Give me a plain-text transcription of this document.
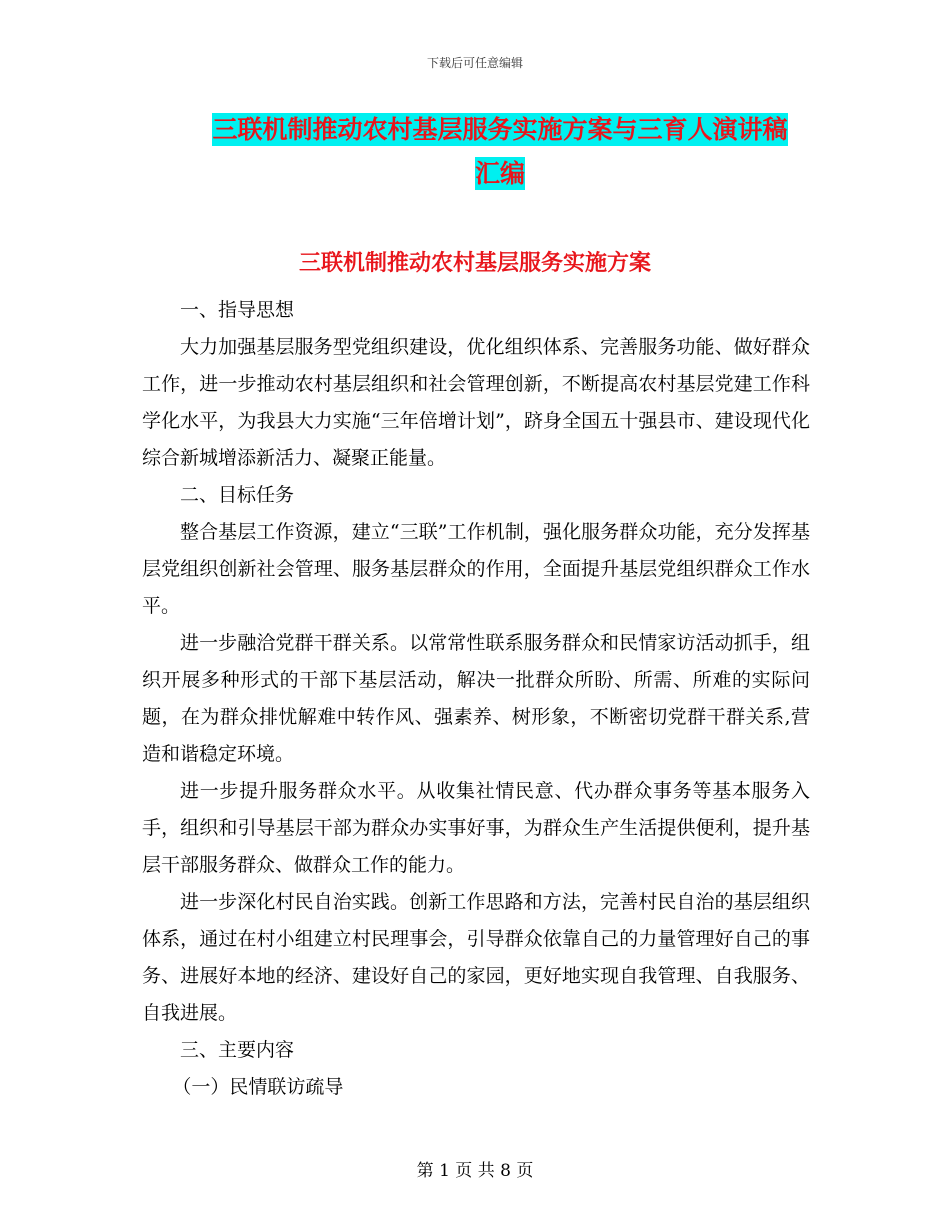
下载后可任意编辑
三联机制推动农村基层服务实施方案与三育人演讲稿
汇编
三联机制推动农村基层服务实施方案

一、指导思想

大力加强基层服务型党组织建设，优化组织体系、完善服务功能、做好群众工作，进一步推动农村基层组织和社会管理创新，不断提高农村基层党建工作科学化水平，为我县大力实施“三年倍增计划”，跻身全国五十强县市、建设现代化综合新城增添新活力、凝聚正能量。

二、目标任务

整合基层工作资源，建立“三联”工作机制，强化服务群众功能，充分发挥基层党组织创新社会管理、服务基层群众的作用，全面提升基层党组织群众工作水平。

进一步融洽党群干群关系。以常常性联系服务群众和民情家访活动抓手，组织开展多种形式的干部下基层活动，解决一批群众所盼、所需、所难的实际问题，在为群众排忧解难中转作风、强素养、树形象，不断密切党群干群关系,营造和谐稳定环境。

进一步提升服务群众水平。从收集社情民意、代办群众事务等基本服务入手，组织和引导基层干部为群众办实事好事，为群众生产生活提供便利，提升基层干部服务群众、做群众工作的能力。

进一步深化村民自治实践。创新工作思路和方法，完善村民自治的基层组织体系，通过在村小组建立村民理事会，引导群众依靠自己的力量管理好自己的事务、进展好本地的经济、建设好自己的家园，更好地实现自我管理、自我服务、自我进展。

三、主要内容

（一）民情联访疏导

第 1 页 共 8 页
